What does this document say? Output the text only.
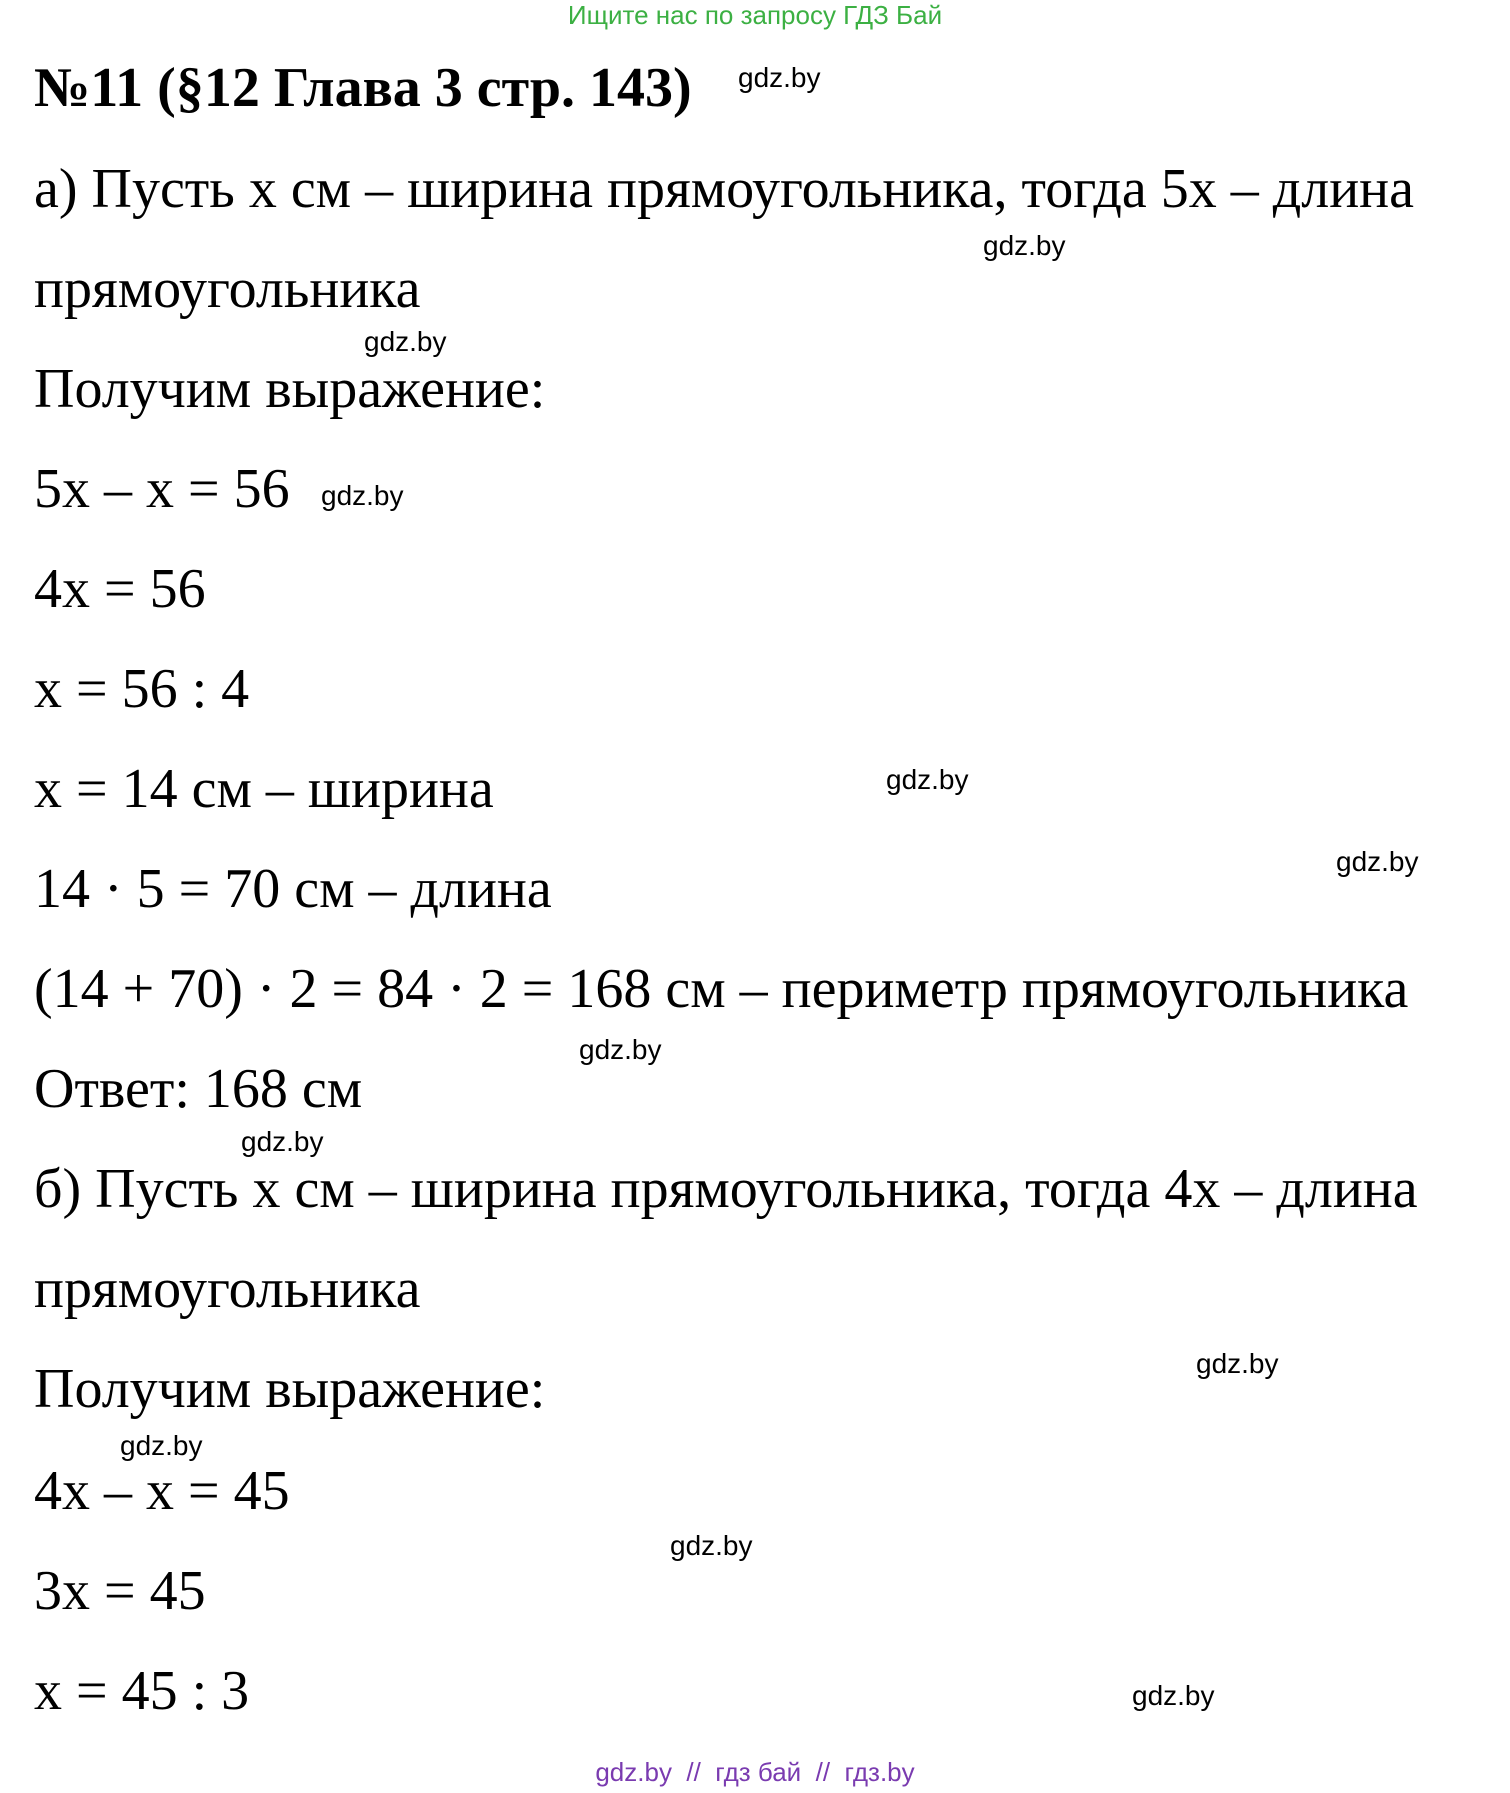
Ищите нас по запросу ГДЗ Бай
№11 (§12 Глава 3 стр. 143) gdz.by
а) Пусть х см – ширина прямоугольника, тогда 5х – длина
gdz.by
прямоугольника
gdz.by
Получим выражение:
5х – х = 56 gdz.by
4х = 56
х = 56 : 4
gdz.by
х = 14 см – ширина
gdz.by
14 · 5 = 70 см – длина
(14 + 70) · 2 = 84 · 2 = 168 см – периметр прямоугольника
gdz.by
Ответ: 168 см
gdz.by
б) Пусть х см – ширина прямоугольника, тогда 4х – длина
прямоугольника
gdz.by
Получим выражение:
gdz.by
4х – х = 45
gdz.by
3х = 45
х = 45 : 3	gdz.by
gdz.by  //  гдз бай  //  гдз.by
